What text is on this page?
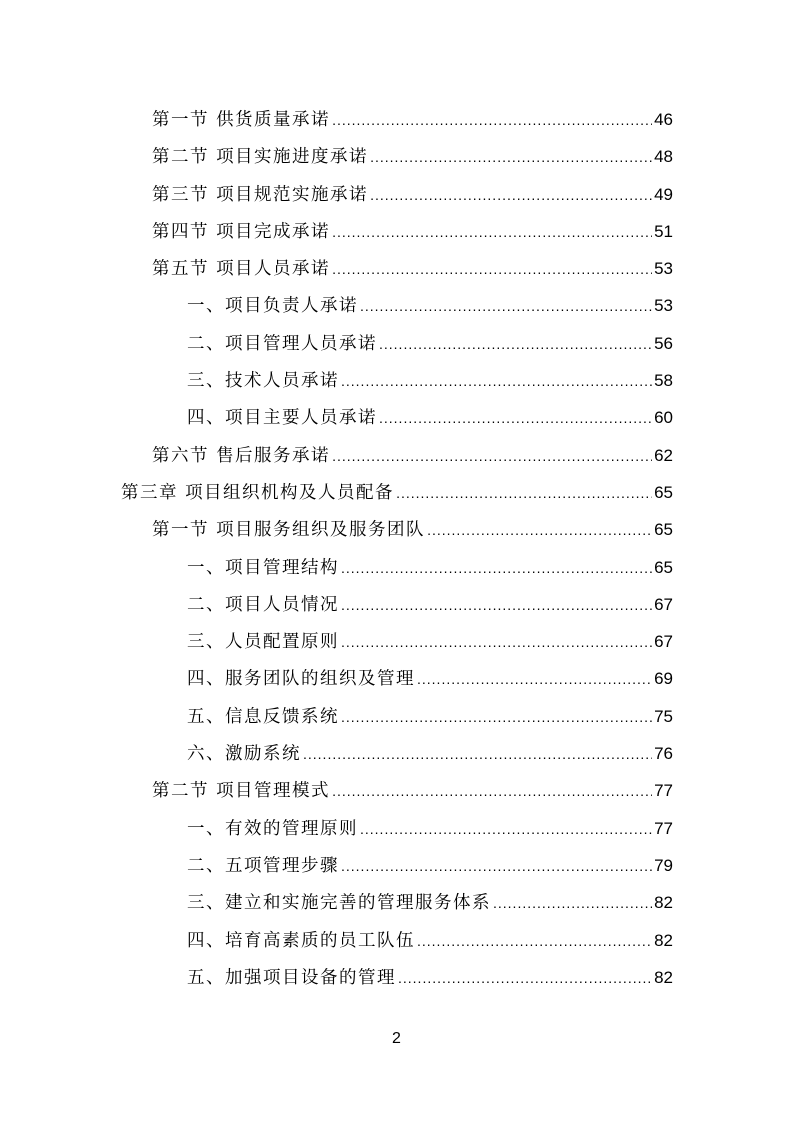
第一节 供货质量承诺 .....	46
第二节 项目实施进度承诺 .....	48
第三节 项目规范实施承诺 .....	49
第四节 项目完成承诺 .....	51
第五节 项目人员承诺 .....	53
一、项目负责人承诺 .....	53
二、项目管理人员承诺 .....	56
三、技术人员承诺 .....	58
四、项目主要人员承诺 .....	60
第六节 售后服务承诺 .....	62
第三章 项目组织机构及人员配备 .....	65
第一节 项目服务组织及服务团队 .....	65
一、项目管理结构 .....	65
二、项目人员情况 .....	67
三、人员配置原则 .....	67
四、服务团队的组织及管理 .....	69
五、信息反馈系统 .....	75
六、激励系统 .....	76
第二节 项目管理模式 .....	77
一、有效的管理原则 .....	77
二、五项管理步骤 .....	79
三、建立和实施完善的管理服务体系 .....	82
四、培育高素质的员工队伍 .....	82
五、加强项目设备的管理 .....	82
2
